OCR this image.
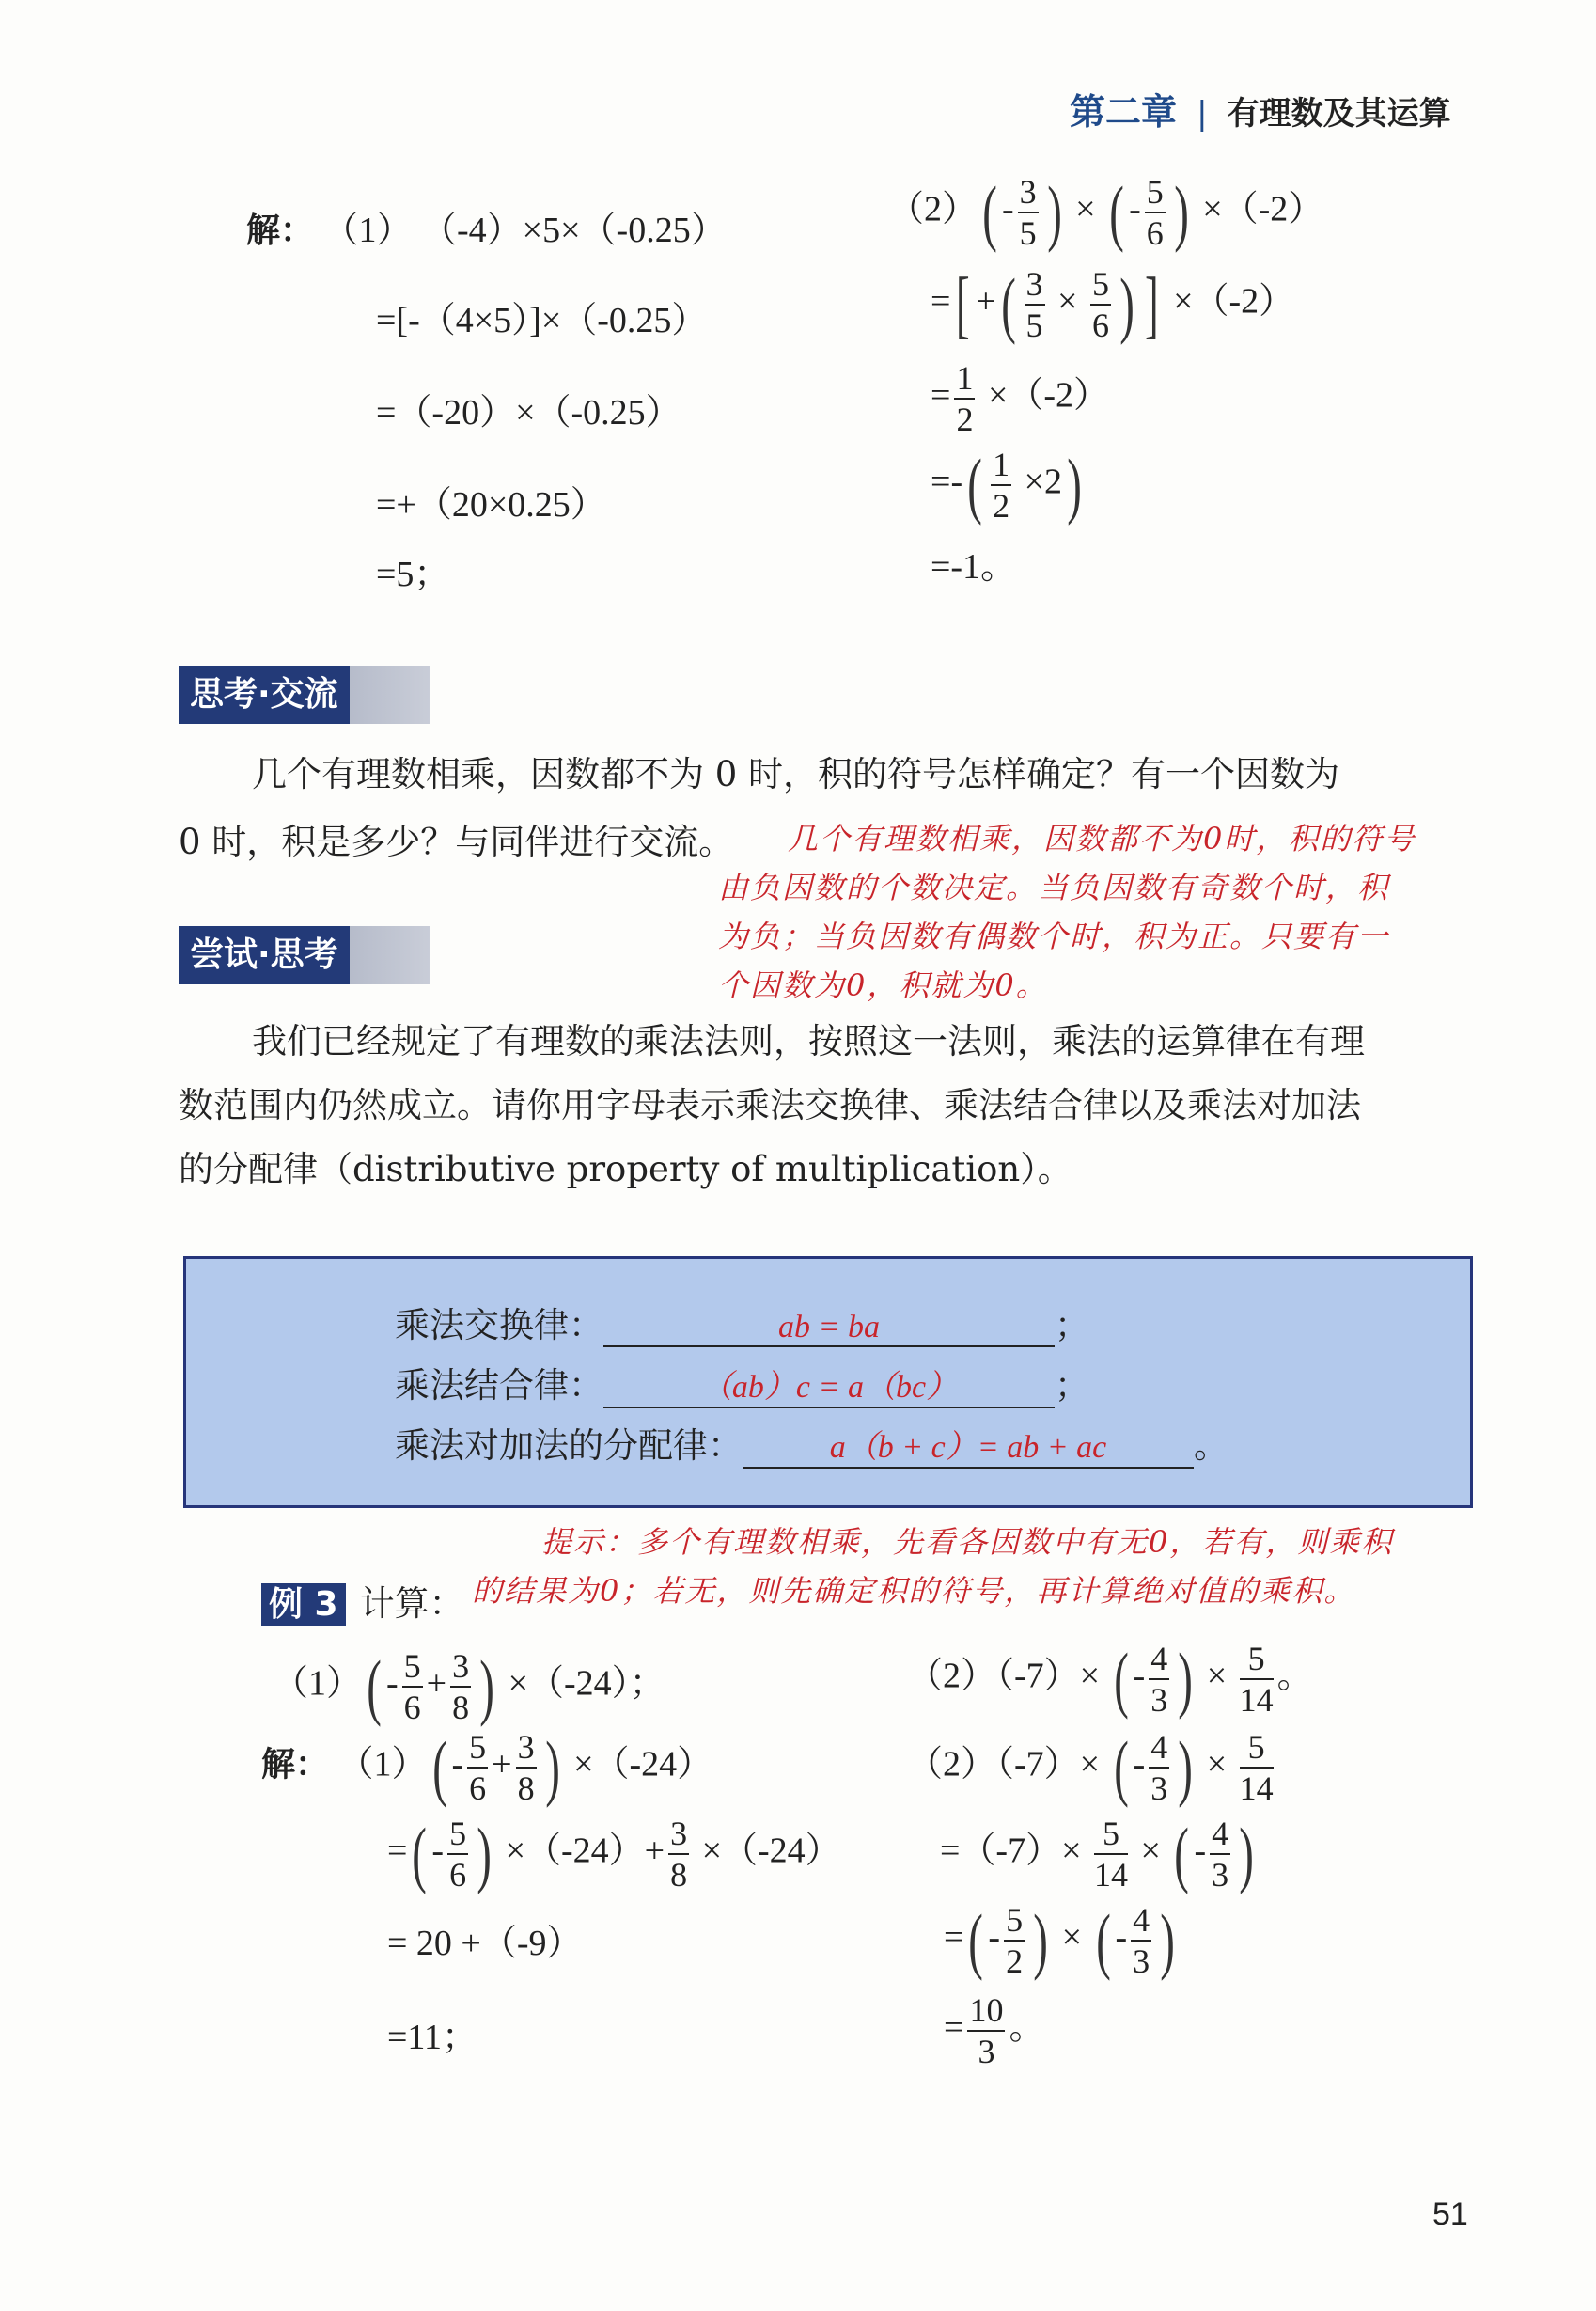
第二章 | 有理数及其运算
解： （1） （-4）×5×（-0.25）
=[-（4×5）]×（-0.25）
=（-20）×（-0.25）
=+（20×0.25）
=5；
$(2)( - \frac{3}{5}$ ) × ( - $\frac{5}{6}$ ) ×（-2）
=[ +( $\frac{3}{5} \times \frac{5}{6}$ ) ] ×（-2）
= $\frac{1}{2} \times(-2)$
=-( $\frac{1}{2} \times 2$)
=-1。
思考·交流
几个有理数相乘，因数都不为 0 时，积的符号怎样确定？有一个因数为
0 时，积是多少？与同伴进行交流。 几个有理数相乘，因数都不为0时，积的符号
由负因数的个数决定。当负因数有奇数个时，积
为负；当负因数有偶数个时，积为正。只要有一
个因数为0，积就为0。
尝试·思考
我们已经规定了有理数的乘法法则，按照这一法则，乘法的运算律在有理
数范围内仍然成立。请你用字母表示乘法交换律、乘法结合律以及乘法对加法
的分配律（distributive property of multiplication）。
乘法交换律：	ab = ba	；
乘法结合律：	（ab）c = a（bc）	；
乘法对加法的分配律：	a（b + c）= ab + ac	。
提示：多个有理数相乘，先看各因数中有无0，若有，则乘积
的结果为0；若无，则先确定积的符号，再计算绝对值的乘积。
例 3 计算：
$(1)( - \frac{5}{6} + \frac{3}{8}$ ) ×（-24）；	（2）（-7）× ( - $\frac{4}{3}$ ) × $\frac{5}{14}$ 。
解： $(1)( - \frac{5}{6} + \frac{3}{8}$ ) ×（-24）
=( - $\frac{5}{6}$ ) $\times(-24)+ \frac{3}{8} \times(-24)$
= 20 +（-9）
=11；
（2）（-7）× ( - $\frac{4}{3}$ ) × $\frac{5}{14}$
$=(-7)\times \frac{5}{14}$ × ( - $\frac{4}{3}$ )
=( - $\frac{5}{2}$ ) × ( - $\frac{4}{3}$ )
= $\frac{10}{3}$ 。
51
